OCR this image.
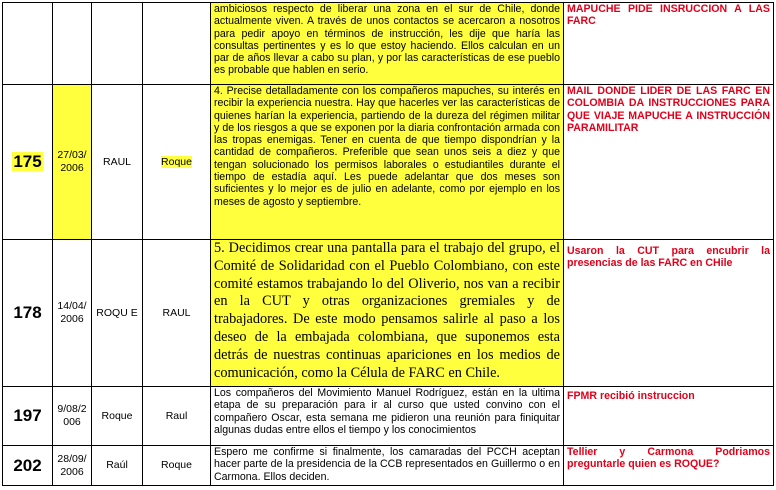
				ambiciosos respecto de liberar una zona en el sur de Chile, donde actualmente viven. A través de unos contactos se acercaron a nosotros para pedir apoyo en términos de instrucción, les dije que haría las consultas pertinentes y es lo que estoy haciendo. Ellos calculan en un par de años llevar a cabo su plan, y por las características de ese pueblo es probable que hablen en serio.	MAPUCHE PIDE INSRUCCION A LAS FARC
175	27/03/ 2006	RAUL	Roque	4. Precise detalladamente con los compañeros mapuches, su interés en recibir la experiencia nuestra. Hay que hacerles ver las características de quienes harían la experiencia, partiendo de la dureza del régimen militar y de los riesgos a que se exponen por la diaria confrontación armada con las tropas enemigas. Tener en cuenta de que tiempo dispondrían y la cantidad de compañeros. Preferible que sean unos seis a diez y que tengan solucionado los permisos laborales o estudiantiles durante el tiempo de estadía aquí. Les puede adelantar que dos meses son suficientes y lo mejor es de julio en adelante, como por ejemplo en los meses de agosto y septiembre.	MAIL DONDE LIDER DE LAS FARC EN COLOMBIA DA INSTRUCCIONES PARA QUE VIAJE MAPUCHE A INSTRUCCIÓN PARAMILITAR
178	14/04/ 2006	ROQU E	RAUL	5. Decidimos crear una pantalla para el trabajo del grupo, el Comité de Solidaridad con el Pueblo Colombiano, con este comité estamos trabajando lo del Oliverio, nos van a recibir en la CUT y otras organizaciones gremiales y de trabajadores. De este modo pensamos salirle al paso a los deseo de la embajada colombiana, que suponemos esta detrás de nuestras continuas apariciones en los medios de comunicación, como la Célula de FARC en Chile.	Usaron la CUT para encubrir la presencias de las FARC en CHile
197	9/08/2 006	Roque	Raul	Los compañeros del Movimiento Manuel Rodríguez, están en la ultima etapa de su preparación para ir al curso que usted convino con el compañero Oscar, esta semana me pidieron una reunión para finiquitar algunas dudas entre ellos el tiempo y los conocimientos	FPMR recibió instruccion
202	28/09/ 2006	Raúl	Roque	Espero me confirme si finalmente, los camaradas del PCCH aceptan hacer parte de la presidencia de la CCB representados en Guillermo o en Carmona. Ellos deciden.	Tellier y Carmona Podriamos preguntarle quien es ROQUE?
